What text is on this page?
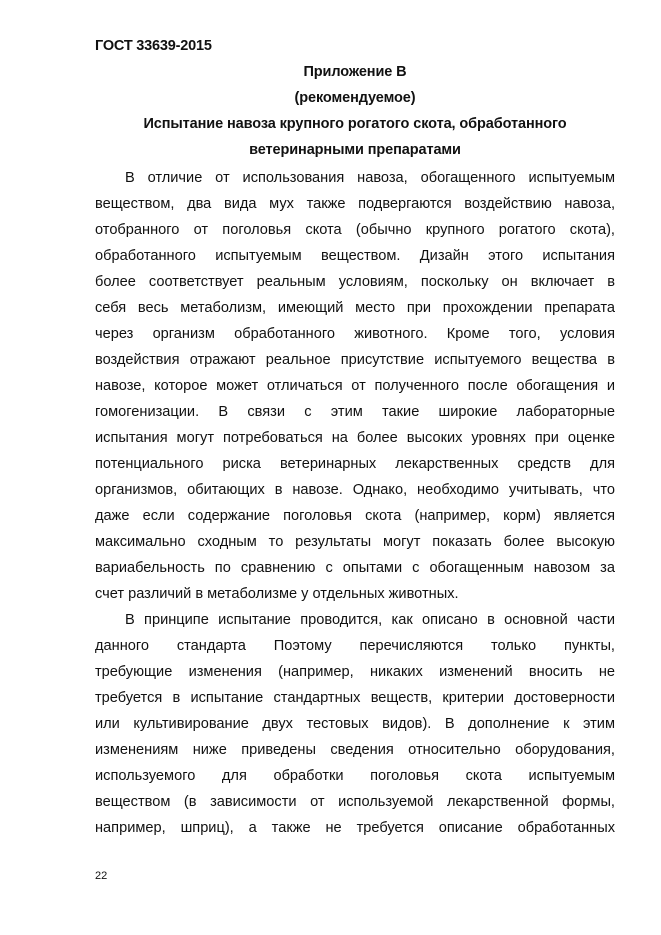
ГОСТ 33639-2015
Приложение В
(рекомендуемое)
Испытание навоза крупного рогатого скота, обработанного
ветеринарными препаратами
В отличие от использования навоза, обогащенного испытуемым
веществом, два вида мух также подвергаются воздействию навоза,
отобранного от поголовья скота (обычно крупного рогатого скота),
обработанного испытуемым веществом. Дизайн этого испытания
более соответствует реальным условиям, поскольку он включает в
себя весь метаболизм, имеющий место при прохождении препарата
через организм обработанного животного. Кроме того, условия
воздействия отражают реальное присутствие испытуемого вещества в
навозе, которое может отличаться от полученного после обогащения и
гомогенизации. В связи с этим такие широкие лабораторные
испытания могут потребоваться на более высоких уровнях при оценке
потенциального риска ветеринарных лекарственных средств для
организмов, обитающих в навозе. Однако, необходимо учитывать, что
даже если содержание поголовья скота (например, корм) является
максимально сходным то результаты могут показать более высокую
вариабельность по сравнению с опытами с обогащенным навозом за
счет различий в метаболизме у отдельных животных.
В принципе испытание проводится, как описано в основной части
данного стандарта Поэтому перечисляются только пункты,
требующие изменения (например, никаких изменений вносить не
требуется в испытание стандартных веществ, критерии достоверности
или культивирование двух тестовых видов). В дополнение к этим
изменениям ниже приведены сведения относительно оборудования,
используемого для обработки поголовья скота испытуемым
веществом (в зависимости от используемой лекарственной формы,
например, шприц), а также не требуется описание обработанных
22
